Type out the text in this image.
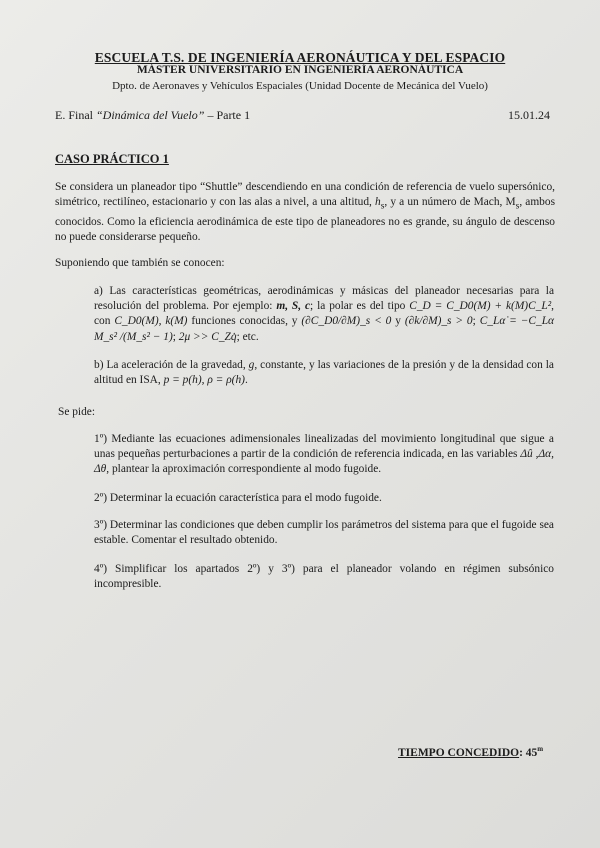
ESCUELA T.S. DE INGENIERÍA AERONÁUTICA Y DEL ESPACIO
MÁSTER UNIVERSITARIO EN INGENIERÍA AERONÁUTICA
Dpto. de Aeronaves y Vehículos Espaciales (Unidad Docente de Mecánica del Vuelo)
E. Final “Dinámica del Vuelo” – Parte 1	15.01.24
CASO PRÁCTICO 1
Se considera un planeador tipo “Shuttle” descendiendo en una condición de referencia de vuelo supersónico, simétrico, rectilíneo, estacionario y con las alas a nivel, a una altitud, $h_s$, y a un número de Mach, $M_s$, ambos conocidos. Como la eficiencia aerodinámica de este tipo de planeadores no es grande, su ángulo de descenso no puede considerarse pequeño.
Suponiendo que también se conocen:
a) Las características geométricas, aerodinámicas y másicas del planeador necesarias para la resolución del problema. Por ejemplo: m, S, c; la polar es del tipo C_D = C_D0(M) + k(M)C_L², con C_D0(M), k(M) funciones conocidas, y (∂C_D0/∂M)_s < 0 y (∂k/∂M)_s > 0; C_Lα̇ = −C_Lα M_s² /(M_s² − 1); 2μ >> C_Zq̇; etc.
b) La aceleración de la gravedad, g, constante, y las variaciones de la presión y de la densidad con la altitud en ISA, p = p(h), ρ = ρ(h).
Se pide:
1º) Mediante las ecuaciones adimensionales linealizadas del movimiento longitudinal que sigue a unas pequeñas perturbaciones a partir de la condición de referencia indicada, en las variables Δû ,Δα, Δθ, plantear la aproximación correspondiente al modo fugoide.
2º) Determinar la ecuación característica para el modo fugoide.
3º) Determinar las condiciones que deben cumplir los parámetros del sistema para que el fugoide sea estable. Comentar el resultado obtenido.
4º) Simplificar los apartados 2º) y 3º) para el planeador volando en régimen subsónico incompresible.
TIEMPO CONCEDIDO: 45$^m$
